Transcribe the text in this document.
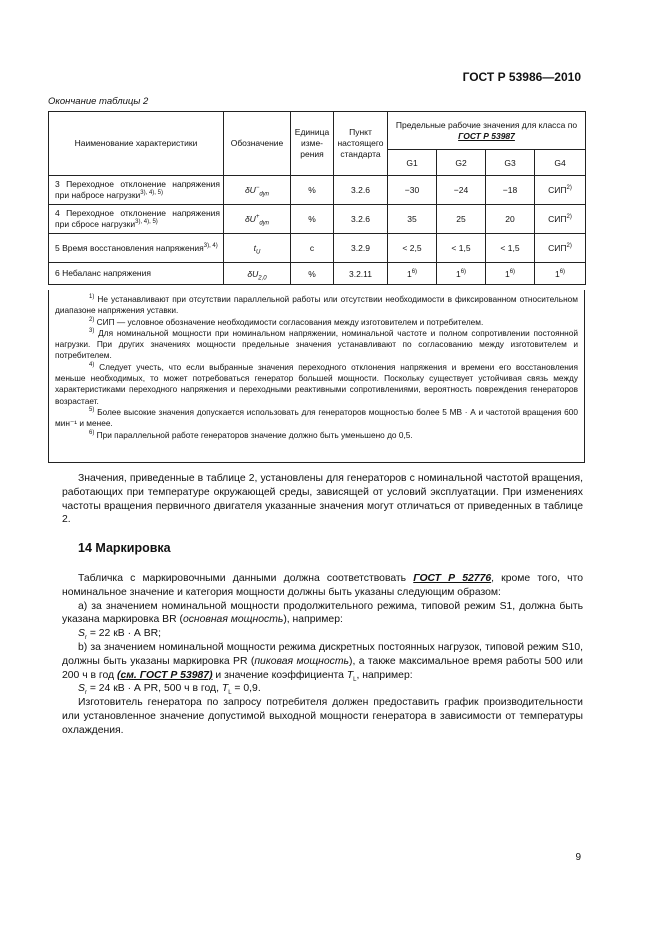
ГОСТ Р 53986—2010
Окончание таблицы 2
Наименование характеристики	Обозначение	Единица изме-рения	Пункт настоящего стандарта	Предельные рабочие значения для класса по ГОСТ Р 53987			
				G1	G2	G3	G4
3 Переходное отклонение напряжения при набросе нагрузки$^{3), 4), 5)}$	$\delta U^-_{dyn}$	%	3.2.6	−30	−24	−18	СИП$^{2)}$
4 Переходное отклонение напряжения при сбросе нагрузки$^{3), 4), 5)}$	$\delta U^+_{dyn}$	%	3.2.6	35	25	20	СИП$^{2)}$
5 Время восстановления напряжения$^{3), 4)}$	$t_U$	с	3.2.9	< 2,5	< 1,5	< 1,5	СИП$^{2)}$
6 Небаланс напряжения	$\delta U_{2,0}$	%	3.2.11	1$^{6)}$	1$^{6)}$	1$^{6)}$	1$^{6)}$

$^{1)}$ Не устанавливают при отсутствии параллельной работы или отсутствии необходимости в фиксированном относительном диапазоне напряжения уставки.

$^{2)}$ СИП — условное обозначение необходимости согласования между изготовителем и потребителем.

$^{3)}$ Для номинальной мощности при номинальном напряжении, номинальной частоте и полном сопротивлении постоянной нагрузки. При других значениях мощности предельные значения устанавливают по согласованию между изготовителем и потребителем.

$^{4)}$ Следует учесть, что если выбранные значения переходного отклонения напряжения и времени его восстановления меньше необходимых, то может потребоваться генератор большей мощности. Поскольку существует устойчивая связь между характеристиками переходного напряжения и переходными реактивными сопротивлениями, вероятность повреждения генераторов возрастает.

$^{5)}$ Более высокие значения допускается использовать для генераторов мощностью более 5 МВ · А и частотой вращения 600 мин⁻¹ и менее.

$^{6)}$ При параллельной работе генераторов значение должно быть уменьшено до 0,5.

Значения, приведенные в таблице 2, установлены для генераторов с номинальной частотой вращения, работающих при температуре окружающей среды, зависящей от условий эксплуатации. При изменениях частоты вращения первичного двигателя указанные значения могут отличаться от приведенных в таблице 2.

14 Маркировка

Табличка с маркировочными данными должна соответствовать ГОСТ Р 52776, кроме того, что номинальное значение и категория мощности должны быть указаны следующим образом:

а) за значением номинальной мощности продолжительного режима, типовой режим S1, должна быть указана маркировка BR (основная мощность), например:

$S_r = 22$ кВ · А BR;

b) за значением номинальной мощности режима дискретных постоянных нагрузок, типовой режим S10, должны быть указаны маркировка PR (пиковая мощность), а также максимальное время работы 500 или 200 ч в год (см. ГОСТ Р 53987) и значение коэффициента $T_L$, например:

$S_r = 24$ кВ · А PR, 500 ч в год, $T_L = 0,9$.

Изготовитель генератора по запросу потребителя должен предоставить график производительности или установленное значение допустимой выходной мощности генератора в зависимости от температуры охлаждения.

9
